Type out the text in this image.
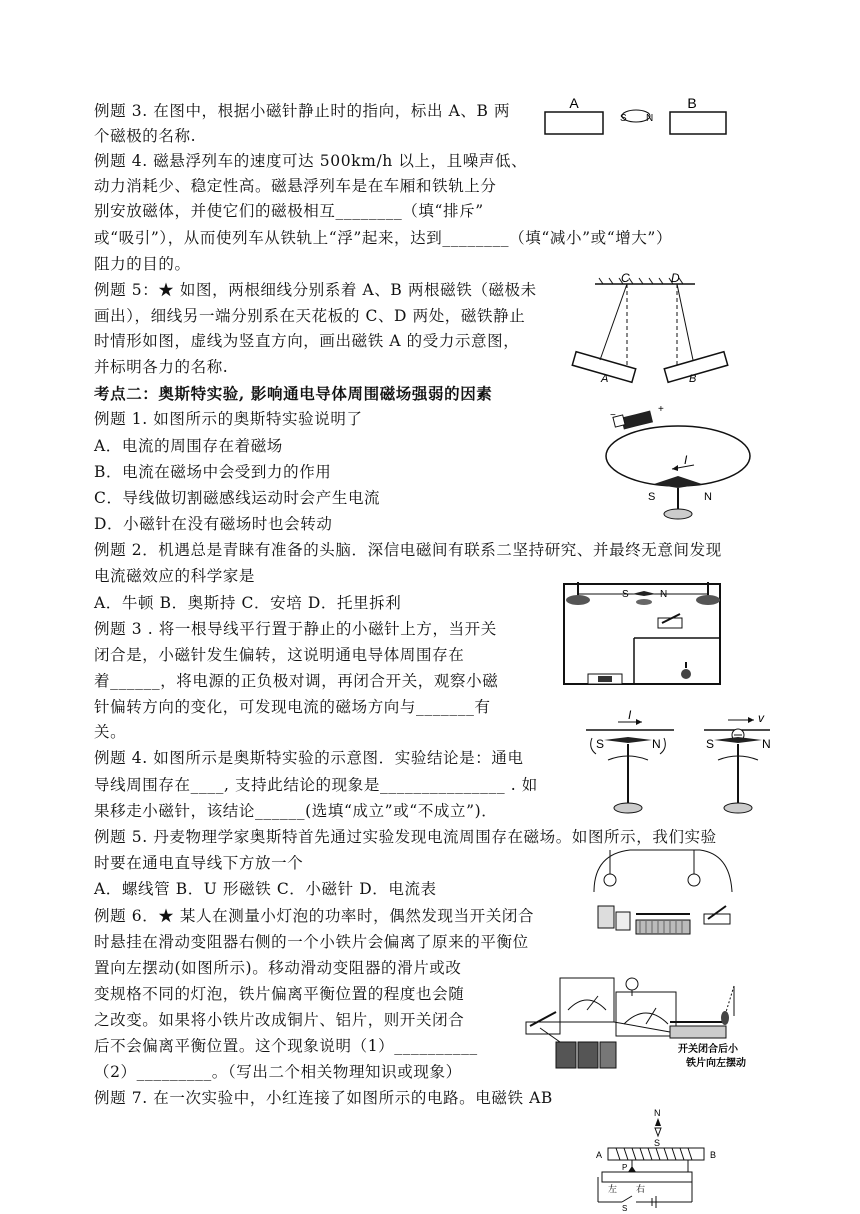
例题 3. 在图中，根据小磁针静止时的指向，标出 A、B 两
个磁极的名称.
例题 4. 磁悬浮列车的速度可达 500km/h 以上，且噪声低、
动力消耗少、稳定性高。磁悬浮列车是在车厢和铁轨上分
别安放磁体，并使它们的磁极相互________（填“排斥”
或“吸引”），从而使列车从铁轨上“浮”起来，达到________（填“减小”或“增大”）
阻力的目的。
例题 5：★ 如图，两根细线分别系着 A、B 两根磁铁（磁极未
画出），细线另一端分别系在天花板的 C、D 两处，磁铁静止
时情形如图，虚线为竖直方向，画出磁铁 A 的受力示意图，
并标明各力的名称.
考点二：奥斯特实验, 影响通电导体周围磁场强弱的因素
例题 1. 如图所示的奥斯特实验说明了
A．电流的周围存在着磁场
B．电流在磁场中会受到力的作用
C．导线做切割磁感线运动时会产生电流
D．小磁针在没有磁场时也会转动
例题 2．机遇总是青睐有准备的头脑．深信电磁间有联系二坚持研究、并最终无意间发现
电流磁效应的科学家是
A．牛顿 B．奥斯持 C．安培 D．托里拆利
例题 3 . 将一根导线平行置于静止的小磁针上方，当开关
闭合是，小磁针发生偏转，这说明通电导体周围存在
着______，将电源的正负极对调，再闭合开关，观察小磁
针偏转方向的变化，可发现电流的磁场方向与_______有
关。
例题 4. 如图所示是奥斯特实验的示意图．实验结论是：通电
导线周围存在____, 支持此结论的现象是_______________ . 如
果移走小磁针，该结论______(选填“成立”或“不成立”)．
例题 5. 丹麦物理学家奥斯特首先通过实验发现电流周围存在磁场。如图所示，我们实验
时要在通电直导线下方放一个
A．螺线管 B．U 形磁铁 C．小磁针 D．电流表
例题 6．★ 某人在测量小灯泡的功率时，偶然发现当开关闭合
时悬挂在滑动变阻器右侧的一个小铁片会偏离了原来的平衡位
置向左摆动(如图所示)。移动滑动变阻器的滑片或改
变规格不同的灯泡，铁片偏离平衡位置的程度也会随
之改变。如果将小铁片改成铜片、铝片，则开关闭合
后不会偏离平衡位置。这个现象说明（1）__________
（2）_________。（写出二个相关物理知识或现象）
例题 7. 在一次实验中，小红连接了如图所示的电路。电磁铁 AB
A
S N
B
C	D
A	B
−
+
I
S	N
S	N
I
S	N
v
S	N
开关闭合后小
铁片向左摆动
N
S
A	B
P
左 右
S
